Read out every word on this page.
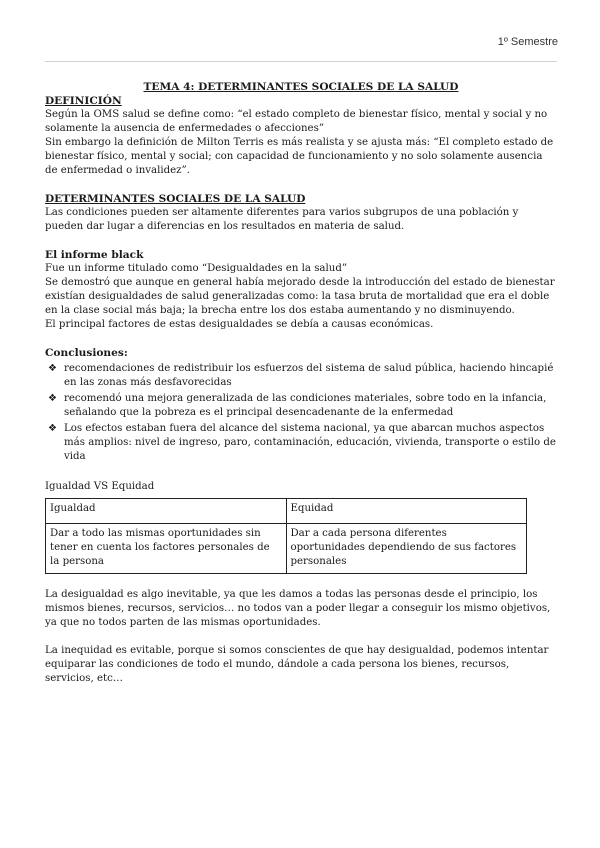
1º Semestre

TEMA 4: DETERMINANTES SOCIALES DE LA SALUD

DEFINICIÓN

Según la OMS salud se define como: “el estado completo de bienestar físico, mental y social y no solamente la ausencia de enfermedades o afecciones”

Sin embargo la definición de Milton Terris es más realista y se ajusta más: “El completo estado de bienestar físico, mental y social; con capacidad de funcionamiento y no solo solamente ausencia de enfermedad o invalidez”.

DETERMINANTES SOCIALES DE LA SALUD

Las condiciones pueden ser altamente diferentes para varios subgrupos de una población y pueden dar lugar a diferencias en los resultados en materia de salud.

El informe black

Fue un informe titulado como “Desigualdades en la salud”

Se demostró que aunque en general había mejorado desde la introducción del estado de bienestar existían desigualdades de salud generalizadas como: la tasa bruta de mortalidad que era el doble en la clase social más baja; la brecha entre los dos estaba aumentando y no disminuyendo.

El principal factores de estas desigualdades se debía a causas económicas.

Conclusiones:

❖ recomendaciones de redistribuir los esfuerzos del sistema de salud pública, haciendo hincapié en las zonas más desfavorecidas
❖ recomendó una mejora generalizada de las condiciones materiales, sobre todo en la infancia, señalando que la pobreza es el principal desencadenante de la enfermedad
❖ Los efectos estaban fuera del alcance del sistema nacional, ya que abarcan muchos aspectos más amplios: nivel de ingreso, paro, contaminación, educación, vivienda, transporte o estilo de vida

Igualdad VS Equidad

Igualdad	Equidad
Dar a todo las mismas oportunidades sin tener en cuenta los factores personales de la persona	Dar a cada persona diferentes oportunidades dependiendo de sus factores personales

La desigualdad es algo inevitable, ya que les damos a todas las personas desde el principio, los mismos bienes, recursos, servicios… no todos van a poder llegar a conseguir los mismo objetivos, ya que no todos parten de las mismas oportunidades.

La inequidad es evitable, porque si somos conscientes de que hay desigualdad, podemos intentar equiparar las condiciones de todo el mundo, dándole a cada persona los bienes, recursos, servicios, etc…
